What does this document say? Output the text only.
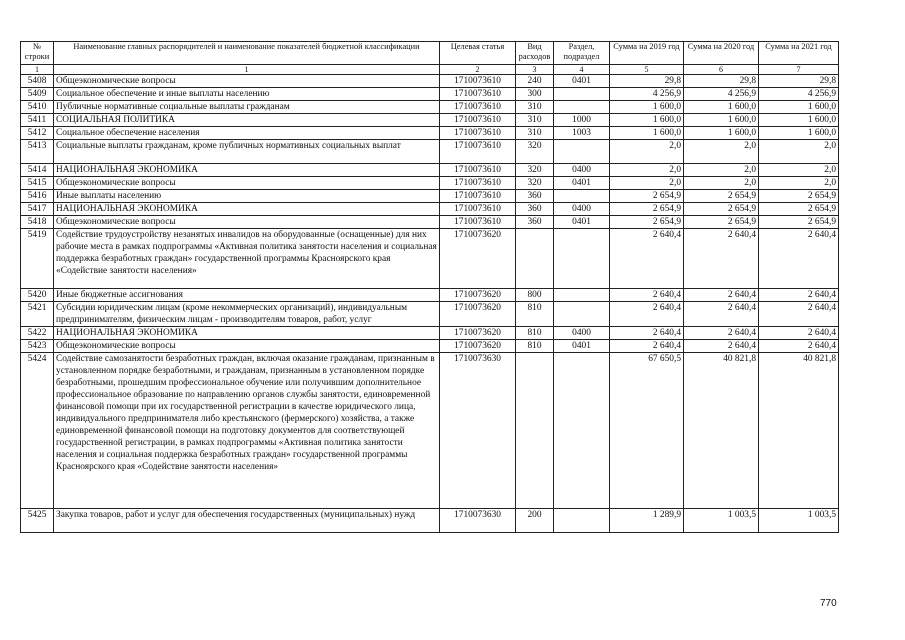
№ строки	Наименование главных распорядителей и наименование показателей бюджетной классификации	Целевая статья	Вид расходов	Раздел, подраздел	Сумма на 2019 год	Сумма на 2020 год	Сумма на 2021 год
1	1	2	3	4	5	6	7
5408	Общеэкономические вопросы	1710073610	240	0401	29,8	29,8	29,8
5409	Социальное обеспечение и иные выплаты населению	1710073610	300		4 256,9	4 256,9	4 256,9
5410	Публичные нормативные социальные выплаты гражданам	1710073610	310		1 600,0	1 600,0	1 600,0
5411	СОЦИАЛЬНАЯ ПОЛИТИКА	1710073610	310	1000	1 600,0	1 600,0	1 600,0
5412	Социальное обеспечение населения	1710073610	310	1003	1 600,0	1 600,0	1 600,0
5413	Социальные выплаты гражданам, кроме публичных нормативных социальных выплат	1710073610	320		2,0	2,0	2,0
5414	НАЦИОНАЛЬНАЯ ЭКОНОМИКА	1710073610	320	0400	2,0	2,0	2,0
5415	Общеэкономические вопросы	1710073610	320	0401	2,0	2,0	2,0
5416	Иные выплаты населению	1710073610	360		2 654,9	2 654,9	2 654,9
5417	НАЦИОНАЛЬНАЯ ЭКОНОМИКА	1710073610	360	0400	2 654,9	2 654,9	2 654,9
5418	Общеэкономические вопросы	1710073610	360	0401	2 654,9	2 654,9	2 654,9
5419	Содействие трудоустройству незанятых инвалидов на оборудованные (оснащенные) для них рабочие места в рамках подпрограммы «Активная политика занятости населения и социальная поддержка безработных граждан» государственной программы Красноярского края «Содействие занятости населения»	1710073620			2 640,4	2 640,4	2 640,4
5420	Иные бюджетные ассигнования	1710073620	800		2 640,4	2 640,4	2 640,4
5421	Субсидии юридическим лицам (кроме некоммерческих организаций), индивидуальным предпринимателям, физическим лицам - производителям товаров, работ, услуг	1710073620	810		2 640,4	2 640,4	2 640,4
5422	НАЦИОНАЛЬНАЯ ЭКОНОМИКА	1710073620	810	0400	2 640,4	2 640,4	2 640,4
5423	Общеэкономические вопросы	1710073620	810	0401	2 640,4	2 640,4	2 640,4
5424	Содействие самозанятости безработных граждан, включая оказание гражданам, признанным в установленном порядке безработными, и гражданам, признанным в установленном порядке безработными, прошедшим профессиональное обучение или получившим дополнительное профессиональное образование по направлению органов службы занятости, единовременной финансовой помощи при их государственной регистрации в качестве юридического лица, индивидуального предпринимателя либо крестьянского (фермерского) хозяйства, а также единовременной финансовой помощи на подготовку документов для соответствующей государственной регистрации, в рамках подпрограммы «Активная политика занятости населения и социальная поддержка безработных граждан» государственной программы Красноярского края «Содействие занятости населения»	1710073630			67 650,5	40 821,8	40 821,8
5425	Закупка товаров, работ и услуг для обеспечения государственных (муниципальных) нужд	1710073630	200		1 289,9	1 003,5	1 003,5
770
